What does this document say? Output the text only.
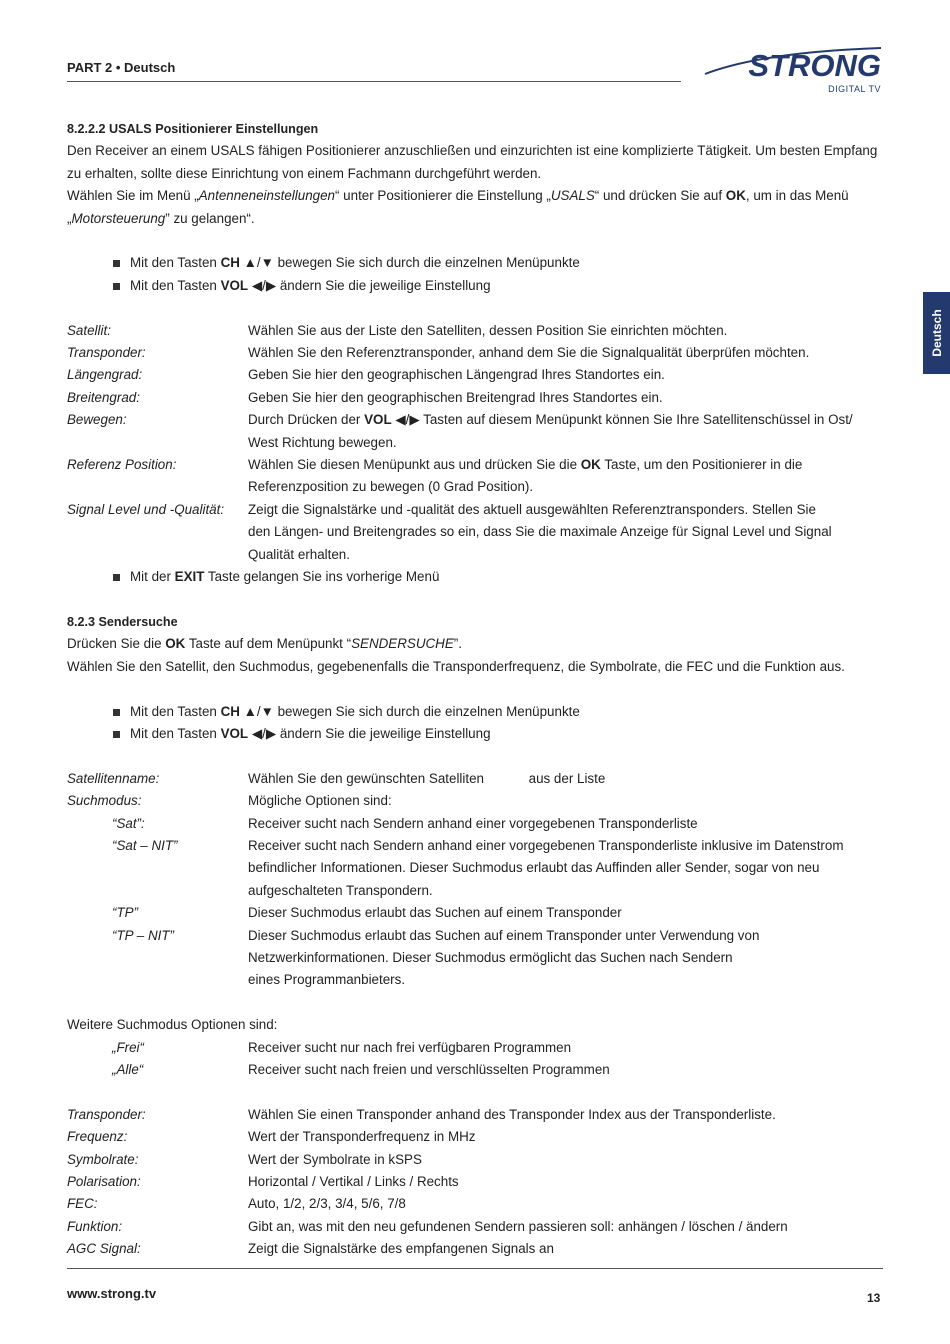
PART 2 • Deutsch	STRONG
DIGITAL TV
Deutsch
8.2.2.2 USALS Positionierer Einstellungen
Den Receiver an einem USALS fähigen Positionierer anzuschließen und einzurichten ist eine komplizierte Tätigkeit. Um besten Empfang
zu erhalten, sollte diese Einrichtung von einem Fachmann durchgeführt werden.
Wählen Sie im Menü „Antenneneinstellungen“ unter Positionierer die Einstellung „USALS“ und drücken Sie auf OK, um in das Menü
„Motorsteuerung” zu gelangen“.
Mit den Tasten CH ▲/▼ bewegen Sie sich durch die einzelnen Menüpunkte
Mit den Tasten VOL ◀/▶ ändern Sie die jeweilige Einstellung
Satellit:	Wählen Sie aus der Liste den Satelliten, dessen Position Sie einrichten möchten.
Transponder:	Wählen Sie den Referenztransponder, anhand dem Sie die Signalqualität überprüfen möchten.
Längengrad:	Geben Sie hier den geographischen Längengrad Ihres Standortes ein.
Breitengrad:	Geben Sie hier den geographischen Breitengrad Ihres Standortes ein.
Bewegen:	Durch Drücken der VOL ◀/▶ Tasten auf diesem Menüpunkt können Sie Ihre Satellitenschüssel in Ost/
West Richtung bewegen.
Referenz Position:	Wählen Sie diesen Menüpunkt aus und drücken Sie die OK Taste, um den Positionierer in die
Referenzposition zu bewegen (0 Grad Position).
Signal Level und -Qualität:	Zeigt die Signalstärke und -qualität des aktuell ausgewählten Referenztransponders. Stellen Sie
den Längen- und Breitengrades so ein, dass Sie die maximale Anzeige für Signal Level und Signal
Qualität erhalten.
Mit der EXIT Taste gelangen Sie ins vorherige Menü
8.2.3 Sendersuche
Drücken Sie die OK Taste auf dem Menüpunkt “SENDERSUCHE”.
Wählen Sie den Satellit, den Suchmodus, gegebenenfalls die Transponderfrequenz, die Symbolrate, die FEC und die Funktion aus.
Mit den Tasten CH ▲/▼ bewegen Sie sich durch die einzelnen Menüpunkte
Mit den Tasten VOL ◀/▶ ändern Sie die jeweilige Einstellung
Satellitenname:	Wählen Sie den gewünschten Satelliten            aus der Liste
Suchmodus:	Mögliche Optionen sind:
“Sat”:	Receiver sucht nach Sendern anhand einer vorgegebenen Transponderliste
“Sat – NIT”	Receiver sucht nach Sendern anhand einer vorgegebenen Transponderliste inklusive im Datenstrom
befindlicher Informationen. Dieser Suchmodus erlaubt das Auffinden aller Sender, sogar von neu
aufgeschalteten Transpondern.
“TP”	Dieser Suchmodus erlaubt das Suchen auf einem Transponder
“TP – NIT”	Dieser Suchmodus erlaubt das Suchen auf einem Transponder unter Verwendung von
Netzwerkinformationen. Dieser Suchmodus ermöglicht das Suchen nach Sendern
eines Programmanbieters.
Weitere Suchmodus Optionen sind:
„Frei“	Receiver sucht nur nach frei verfügbaren Programmen
„Alle“	Receiver sucht nach freien und verschlüsselten Programmen
Transponder:	Wählen Sie einen Transponder anhand des Transponder Index aus der Transponderliste.
Frequenz:	Wert der Transponderfrequenz in MHz
Symbolrate:	Wert der Symbolrate in kSPS
Polarisation:	Horizontal / Vertikal / Links / Rechts
FEC:	Auto, 1/2, 2/3, 3/4, 5/6, 7/8
Funktion:	Gibt an, was mit den neu gefundenen Sendern passieren soll: anhängen / löschen / ändern
AGC Signal:	Zeigt die Signalstärke des empfangenen Signals an
www.strong.tv	13
